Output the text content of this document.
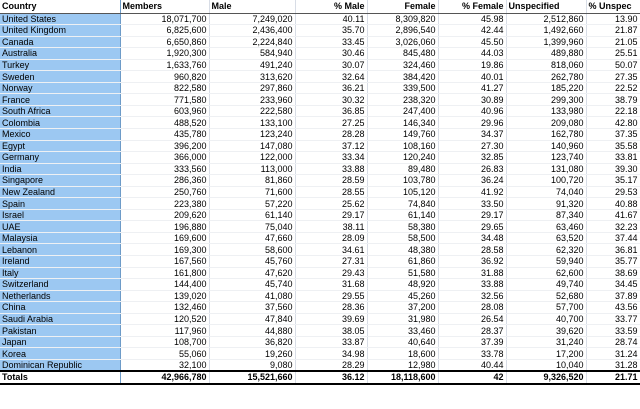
Country	Members	Male	% Male	Female	% Female	Unspecified	% Unspec
United States	18,071,700	7,249,020	40.11	8,309,820	45.98	2,512,860	13.90
United Kingdom	6,825,600	2,436,400	35.70	2,896,540	42.44	1,492,660	21.87
Canada	6,650,860	2,224,840	33.45	3,026,060	45.50	1,399,960	21.05
Australia	1,920,300	584,940	30.46	845,480	44.03	489,880	25.51
Turkey	1,633,760	491,240	30.07	324,460	19.86	818,060	50.07
Sweden	960,820	313,620	32.64	384,420	40.01	262,780	27.35
Norway	822,580	297,860	36.21	339,500	41.27	185,220	22.52
France	771,580	233,960	30.32	238,320	30.89	299,300	38.79
South Africa	603,960	222,580	36.85	247,400	40.96	133,980	22.18
Colombia	488,520	133,100	27.25	146,340	29.96	209,080	42.80
Mexico	435,780	123,240	28.28	149,760	34.37	162,780	37.35
Egypt	396,200	147,080	37.12	108,160	27.30	140,960	35.58
Germany	366,000	122,000	33.34	120,240	32.85	123,740	33.81
India	333,560	113,000	33.88	89,480	26.83	131,080	39.30
Singapore	286,360	81,860	28.59	103,780	36.24	100,720	35.17
New Zealand	250,760	71,600	28.55	105,120	41.92	74,040	29.53
Spain	223,380	57,220	25.62	74,840	33.50	91,320	40.88
Israel	209,620	61,140	29.17	61,140	29.17	87,340	41.67
UAE	196,880	75,040	38.11	58,380	29.65	63,460	32.23
Malaysia	169,600	47,660	28.09	58,500	34.48	63,520	37.44
Lebanon	169,300	58,600	34.61	48,380	28.58	62,320	36.81
Ireland	167,560	45,760	27.31	61,860	36.92	59,940	35.77
Italy	161,800	47,620	29.43	51,580	31.88	62,600	38.69
Switzerland	144,400	45,740	31.68	48,920	33.88	49,740	34.45
Netherlands	139,020	41,080	29.55	45,260	32.56	52,680	37.89
China	132,460	37,560	28.36	37,200	28.08	57,700	43.56
Saudi Arabia	120,520	47,840	39.69	31,980	26.54	40,700	33.77
Pakistan	117,960	44,880	38.05	33,460	28.37	39,620	33.59
Japan	108,700	36,820	33.87	40,640	37.39	31,240	28.74
Korea	55,060	19,260	34.98	18,600	33.78	17,200	31.24
Dominican Republic	32,100	9,080	28.29	12,980	40.44	10,040	31.28
Totals	42,966,780	15,521,660	36.12	18,118,600	42	9,326,520	21.71
